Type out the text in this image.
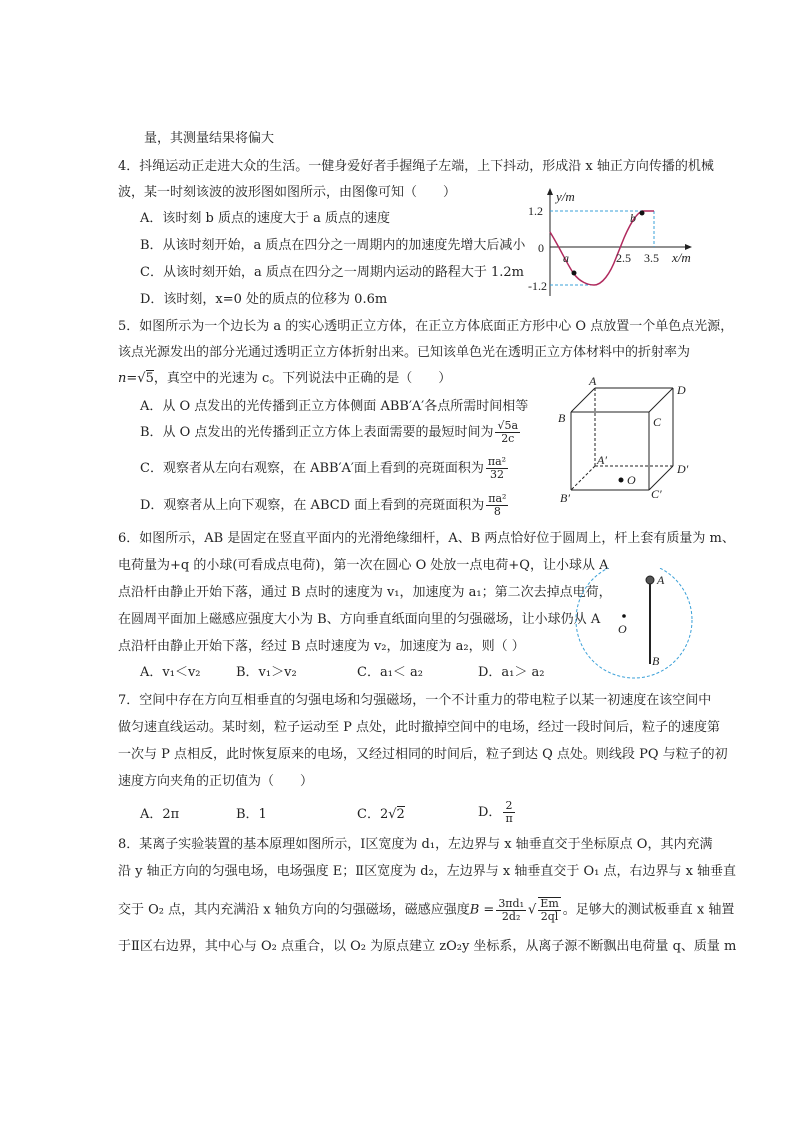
量，其测量结果将偏大
4．抖绳运动正走进大众的生活。一健身爱好者手握绳子左端，上下抖动，形成沿 x 轴正方向传播的机械
波，某一时刻该波的波形图如图所示，由图像可知（　　）
A．该时刻 b 质点的速度大于 a 质点的速度
B．从该时刻开始，a 质点在四分之一周期内的加速度先增大后减小
C．从该时刻开始，a 质点在四分之一周期内运动的路程大于 1.2m
D．该时刻，x=0 处的质点的位移为 0.6m
y/m
x/m
1.2
0
-1.2
2.5 3.5
a
b
5．如图所示为一个边长为 a 的实心透明正立方体，在正立方体底面正方形中心 O 点放置一个单色点光源，
该点光源发出的部分光通过透明正立方体折射出来。已知该单色光在透明正立方体材料中的折射率为
n=√5，真空中的光速为 c。下列说法中正确的是（　　）
A．从 O 点发出的光传播到正立方体侧面 ABB′A′各点所需时间相等
B．从 O 点发出的光传播到正立方体上表面需要的最短时间为 $\frac{√5a}{2c}$
C．观察者从左向右观察，在 ABB′A′面上看到的亮斑面积为 $\frac{\text{πa²}}{32}$
D．观察者从上向下观察，在 ABCD 面上看到的亮斑面积为 $\frac{\text{πa²}}{8}$
A
D
B	C
A′
D′
C′
B′
O
6．如图所示，AB 是固定在竖直平面内的光滑绝缘细杆，A、B 两点恰好位于圆周上，杆上套有质量为 m、
电荷量为+q 的小球(可看成点电荷)，第一次在圆心 O 处放一点电荷+Q，让小球从 A
点沿杆由静止开始下落，通过 B 点时的速度为 v₁，加速度为 a₁；第二次去掉点电荷，
在圆周平面加上磁感应强度大小为 B、方向垂直纸面向里的匀强磁场，让小球仍从 A
点沿杆由静止开始下落，经过 B 点时速度为 v₂，加速度为 a₂，则（ ）
A．v₁＜v₂	B．v₁＞v₂	C．a₁＜ a₂	D．a₁＞ a₂
A
B
O
7．空间中存在方向互相垂直的匀强电场和匀强磁场，一个不计重力的带电粒子以某一初速度在该空间中
做匀速直线运动。某时刻，粒子运动至 P 点处，此时撤掉空间中的电场，经过一段时间后，粒子的速度第
一次与 P 点相反，此时恢复原来的电场，又经过相同的时间后，粒子到达 Q 点处。则线段 PQ 与粒子的初
速度方向夹角的正切值为（　　）
A．2π	B．1	C．2√2	D． $\frac{2}{\pi}$
8．某离子实验装置的基本原理如图所示，Ⅰ区宽度为 d₁，左边界与 x 轴垂直交于坐标原点 O，其内充满
沿 y 轴正方向的匀强电场，电场强度 E；Ⅱ区宽度为 d₂，左边界与 x 轴垂直交于 O₁ 点，右边界与 x 轴垂直
交于 O₂ 点，其内充满沿 x 轴负方向的匀强磁场，磁感应强度$B = \frac{\text{3πd₁}}{\text{2d₂}}$ √ $\frac{Em}{2ql}$ 。足够大的测试板垂直 x 轴置
于Ⅱ区右边界，其中心与 O₂ 点重合，以 O₂ 为原点建立 zO₂y 坐标系，从离子源不断飘出电荷量 q、质量 m
